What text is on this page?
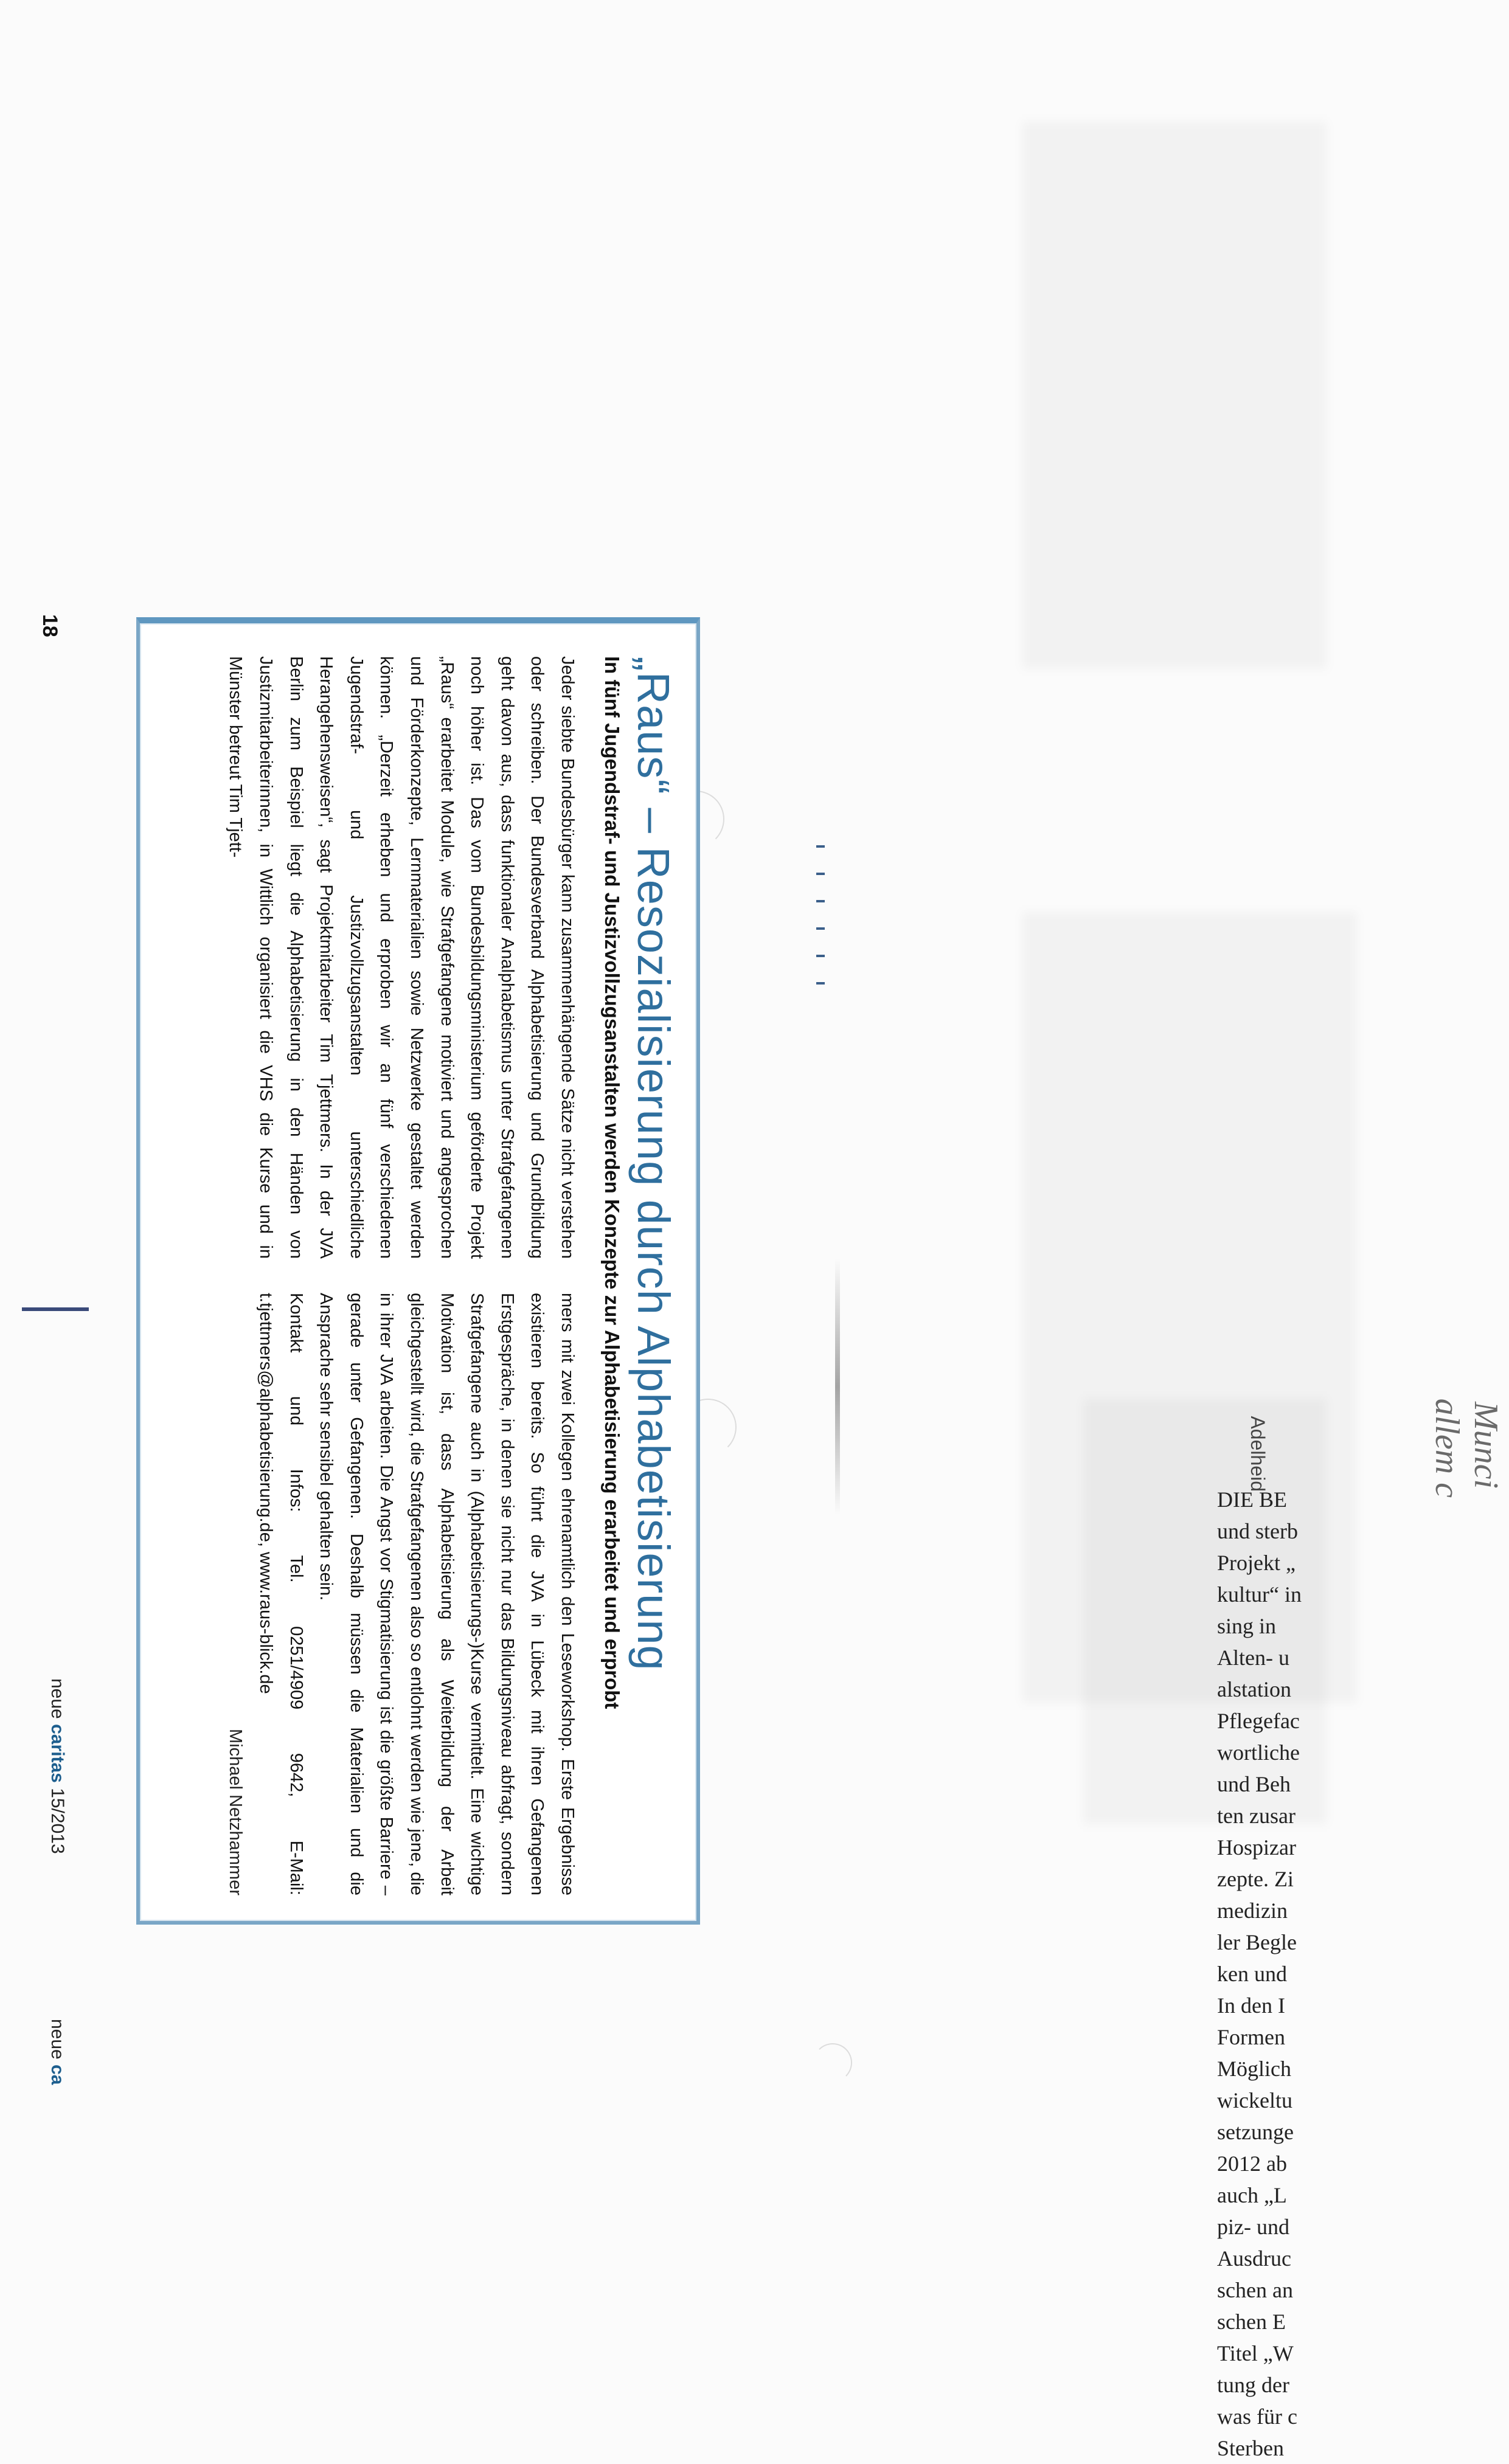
Munci
allem c
Adelheid
DIE BE
und sterb
Projekt „
kultur“ in
sing in
Alten- u
alstation
Pflegefac
wortliche
und Beh
ten zusar
Hospizar
zepte. Zi
medizin
ler Begle
ken und
In den I
Formen
Möglich
wickeltu
setzunge
2012 ab
auch „L
piz- und
Ausdruc
schen an
schen E
Titel „W
tung der
was für c
Sterben
„Raus“ – Resozialisierung durch Alphabetisierung
In fünf Jugendstraf- und Justizvollzugsanstalten werden Konzepte zur Alphabetisierung erarbeitet und erprobt

Jeder siebte Bundesbürger kann zusammenhängende Sätze nicht verstehen oder schreiben. Der Bundesverband Alphabetisierung und Grundbildung geht davon aus, dass funktionaler Analphabetismus unter Strafgefangenen noch höher ist. Das vom Bundesbildungsministerium geförderte Projekt „Raus“ erarbeitet Module, wie Strafgefangene motiviert und angesprochen und Förderkonzepte, Lernmaterialien sowie Netzwerke gestaltet werden können. „Derzeit erheben und erproben wir an fünf verschiedenen Jugendstraf- und Justizvollzugsanstalten unterschiedliche Herangehensweisen“, sagt Projektmitarbeiter Tim Tjettmers. In der JVA Berlin zum Beispiel liegt die Alphabetisierung in den Händen von Justizmitarbeiterinnen, in Wittlich organisiert die VHS die Kurse und in Münster betreut Tim Tjett-

mers mit zwei Kollegen ehrenamtlich den Leseworkshop. Erste Ergebnisse existieren bereits. So führt die JVA in Lübeck mit ihren Gefangenen Erstgespräche, in denen sie nicht nur das Bildungsniveau abfragt, sondern Strafgefangene auch in (Alphabetisierungs-)Kurse vermittelt. Eine wichtige Motivation ist, dass Alphabetisierung als Weiterbildung der Arbeit gleichgestellt wird, die Strafgefangenen also so entlohnt werden wie jene, die in ihrer JVA arbeiten. Die Angst vor Stigmatisierung ist die größte Barriere – gerade unter Gefangenen. Deshalb müssen die Materialien und die Ansprache sehr sensibel gehalten sein.

Kontakt und Infos: Tel. 0251/4909 9642, E-Mail: t.tjettmers@alphabetisierung.de, www.raus-blick.de

Michael Netzhammer

18
neue caritas 15/2013
neue ca
